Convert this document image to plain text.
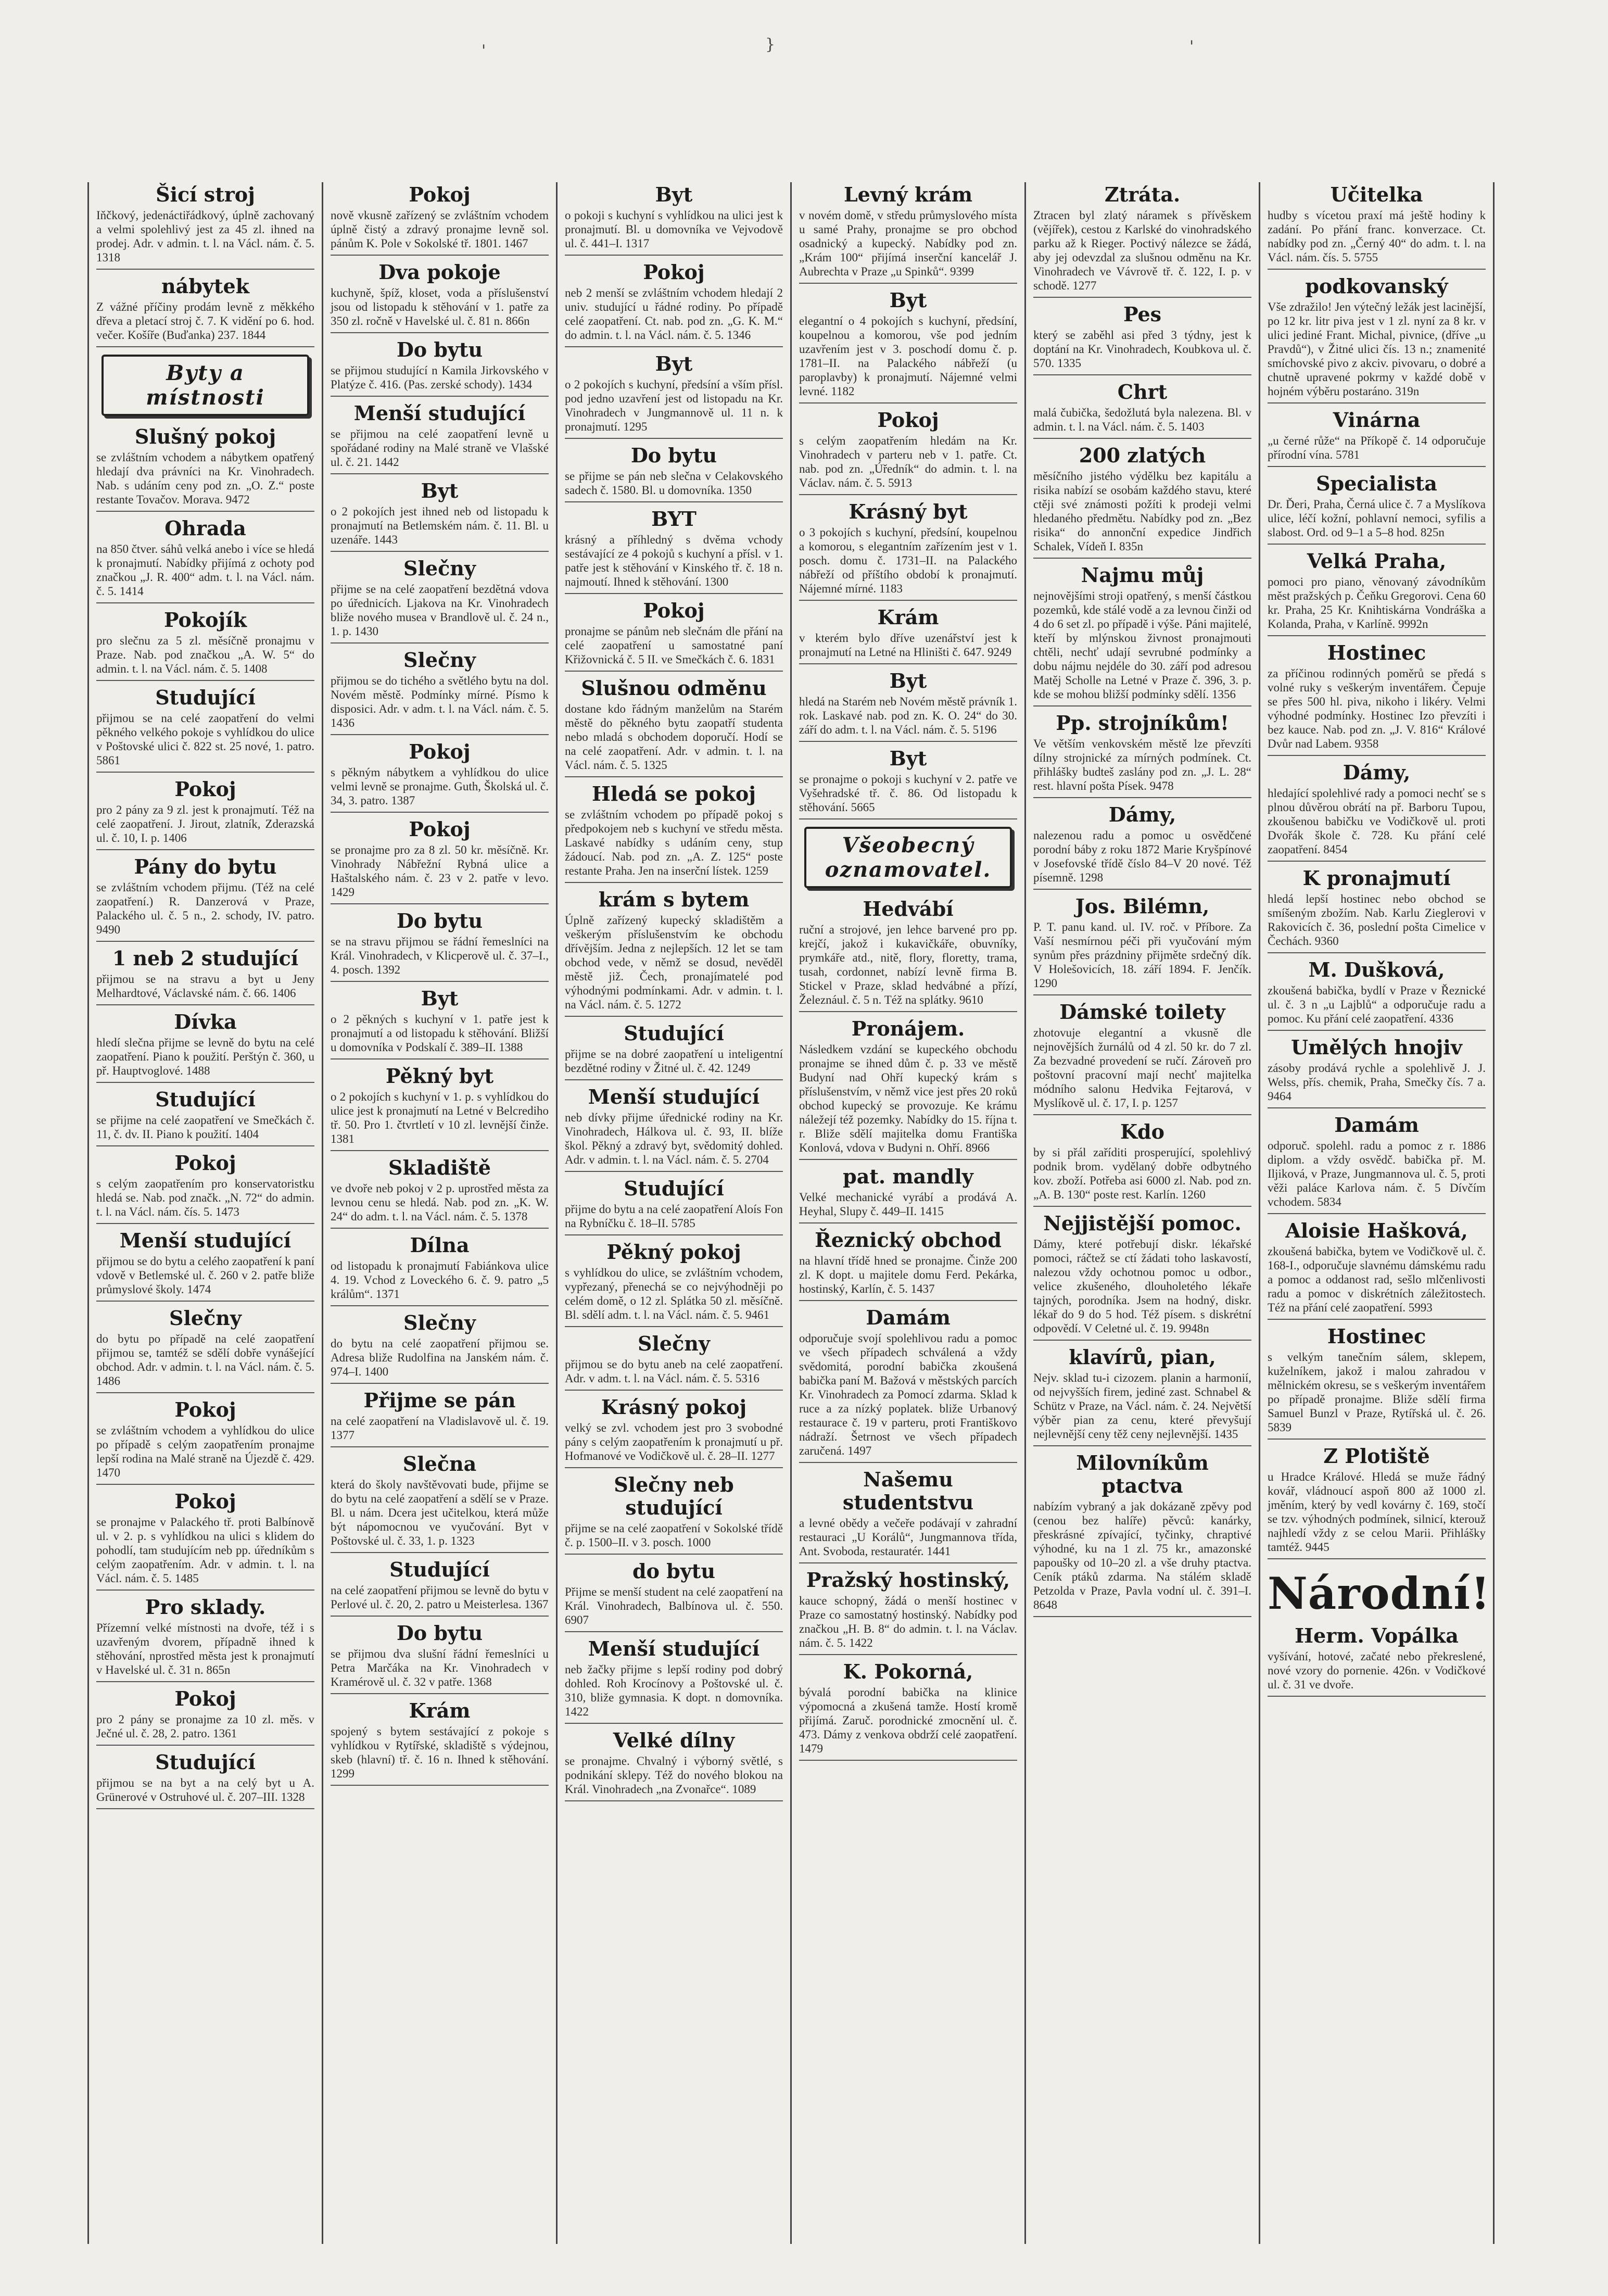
'	}	'
Šicí stroj

Iňčkový, jedenáctiřádkový, úplně zachovaný a velmi spolehlivý jest za 45 zl. ihned na prodej. Adr. v admin. t. l. na Václ. nám. č. 5. 1318

nábytek

Z vážné příčiny prodám levně z měkkého dřeva a pletací stroj č. 7. K vidění po 6. hod. večer. Košíře (Buďanka) 237. 1844

Byty a místnosti
Slušný pokoj

se zvláštním vchodem a nábytkem opatřený hledají dva právníci na Kr. Vinohradech. Nab. s udáním ceny pod zn. „O. Z.“ poste restante Tovačov. Morava. 9472

Ohrada

na 850 čtver. sáhů velká anebo i více se hledá k pronajmutí. Nabídky přijímá z ochoty pod značkou „J. R. 400“ adm. t. l. na Václ. nám. č. 5. 1414

Pokojík

pro slečnu za 5 zl. měsíčně pronajmu v Praze. Nab. pod značkou „A. W. 5“ do admin. t. l. na Václ. nám. č. 5. 1408

Studující

přijmou se na celé zaopatření do velmi pěkného velkého pokoje s vyhlídkou do ulice v Poštovské ulici č. 822 st. 25 nové, 1. patro. 5861

Pokoj

pro 2 pány za 9 zl. jest k pronajmutí. Též na celé zaopatření. J. Jirout, zlatník, Zderazská ul. č. 10, I. p. 1406

Pány do bytu

se zvláštním vchodem přijmu. (Též na celé zaopatření.) R. Danzerová v Praze, Palackého ul. č. 5 n., 2. schody, IV. patro. 9490

1 neb 2 studující

přijmou se na stravu a byt u Jeny Melhardtové, Václavské nám. č. 66. 1406

Dívka

hledí slečna přijme se levně do bytu na celé zaopatření. Piano k použití. Perštýn č. 360, u př. Hauptvoglové. 1488

Studující

se přijme na celé zaopatření ve Smečkách č. 11, č. dv. II. Piano k použití. 1404

Pokoj

s celým zaopatřením pro konservatoristku hledá se. Nab. pod značk. „N. 72“ do admin. t. l. na Václ. nám. čís. 5. 1473

Menší studující

přijmou se do bytu a celého zaopatření k paní vdově v Betlemské ul. č. 260 v 2. patře bliže průmyslové školy. 1474

Slečny

do bytu po případě na celé zaopatření přijmou se, tamtéž se sdělí dobře vynášející obchod. Adr. v admin. t. l. na Václ. nám. č. 5. 1486

Pokoj

se zvláštním vchodem a vyhlídkou do ulice po případě s celým zaopatřením pronajme lepší rodina na Malé straně na Újezdě č. 429. 1470

Pokoj

se pronajme v Palackého tř. proti Balbínově ul. v 2. p. s vyhlídkou na ulici s klidem do pohodlí, tam studujícím neb pp. úředníkům s celým zaopatřením. Adr. v admin. t. l. na Václ. nám. č. 5. 1485

Pro sklady.

Přízemní velké místnosti na dvoře, též i s uzavřeným dvorem, případně ihned k stěhování, nprostřed města jest k pronajmutí v Havelské ul. č. 31 n. 865n

Pokoj

pro 2 pány se pronajme za 10 zl. měs. v Ječné ul. č. 28, 2. patro. 1361

Studující

přijmou se na byt a na celý byt u A. Grünerové v Ostruhové ul. č. 207–III. 1328

Pokoj

nově vkusně zařízený se zvláštním vchodem úplně čistý a zdravý pronajme levně sol. pánům K. Pole v Sokolské tř. 1801. 1467

Dva pokoje

kuchyně, špíž, kloset, voda a příslušenství jsou od listopadu k stěhování v 1. patře za 350 zl. ročně v Havelské ul. č. 81 n. 866n

Do bytu

se přijmou studující n Kamila Jirkovského v Platýze č. 416. (Pas. zerské schody). 1434

Menší studující

se přijmou na celé zaopatření levně u spořádané rodiny na Malé straně ve Vlašské ul. č. 21. 1442

Byt

o 2 pokojích jest ihned neb od listopadu k pronajmutí na Betlemském nám. č. 11. Bl. u uzenáře. 1443

Slečny

přijme se na celé zaopatření bezdětná vdova po úřednicích. Ljakova na Kr. Vinohradech bliže nového musea v Brandlově ul. č. 24 n., 1. p. 1430

Slečny

přijmou se do tichého a světlého bytu na dol. Novém městě. Podmínky mírné. Písmo k disposici. Adr. v adm. t. l. na Václ. nám. č. 5. 1436

Pokoj

s pěkným nábytkem a vyhlídkou do ulice velmi levně se pronajme. Guth, Školská ul. č. 34, 3. patro. 1387

Pokoj

se pronajme pro za 8 zl. 50 kr. měsíčně. Kr. Vinohrady Nábřežní Rybná ulice a Haštalského nám. č. 23 v 2. patře v levo. 1429

Do bytu

se na stravu přijmou se řádní řemeslníci na Král. Vinohradech, v Klicperově ul. č. 37–I., 4. posch. 1392

Byt

o 2 pěkných s kuchyní v 1. patře jest k pronajmutí a od listopadu k stěhování. Bližší u domovníka v Podskalí č. 389–II. 1388

Pěkný byt

o 2 pokojích s kuchyní v 1. p. s vyhlídkou do ulice jest k pronajmutí na Letné v Belcrediho tř. 50. Pro 1. čtvrtletí v 10 zl. levnější činže. 1381

Skladiště

ve dvoře neb pokoj v 2 p. uprostřed města za levnou cenu se hledá. Nab. pod zn. „K. W. 24“ do adm. t. l. na Václ. nám. č. 5. 1378

Dílna

od listopadu k pronajmutí Fabiánkova ulice 4. 19. Vchod z Loveckého 6. č. 9. patro „5 králům“. 1371

Slečny

do bytu na celé zaopatření přijmou se. Adresa bliže Rudolfina na Janském nám. č. 974–I. 1400

Přijme se pán

na celé zaopatření na Vladislavově ul. č. 19. 1377

Slečna

která do školy navštěvovati bude, přijme se do bytu na celé zaopatření a sdělí se v Praze. Bl. u nám. Dcera jest učitelkou, která může být nápomocnou ve vyučování. Byt v Poštovské ul. č. 33, 1. p. 1323

Studující

na celé zaopatření přijmou se levně do bytu v Perlové ul. č. 20, 2. patro u Meisterlesa. 1367

Do bytu

se přijmou dva slušní řádní řemeslníci u Petra Marčáka na Kr. Vinohradech v Kramérově ul. č. 32 v patře. 1368

Krám

spojený s bytem sestávající z pokoje s vyhlídkou v Rytířské, skladiště s výdejnou, skeb (hlavní) tř. č. 16 n. Ihned k stěhování. 1299

Byt

o pokoji s kuchyní s vyhlídkou na ulici jest k pronajmutí. Bl. u domovníka ve Vejvodově ul. č. 441–I. 1317

Pokoj

neb 2 menší se zvláštním vchodem hledají 2 univ. studující u řádné rodiny. Po případě celé zaopatření. Ct. nab. pod zn. „G. K. M.“ do admin. t. l. na Václ. nám. č. 5. 1346

Byt

o 2 pokojích s kuchyní, předsíní a vším přísl. pod jedno uzavření jest od listopadu na Kr. Vinohradech v Jungmannově ul. 11 n. k pronajmutí. 1295

Do bytu

se přijme se pán neb slečna v Celakovského sadech č. 1580. Bl. u domovníka. 1350

BYT

krásný a příhledný s dvěma vchody sestávající ze 4 pokojů s kuchyní a přísl. v 1. patře jest k stěhování v Kinského tř. č. 18 n. najmoutí. Ihned k stěhování. 1300

Pokoj

pronajme se pánům neb slečnám dle přání na celé zaopatření u samostatné paní Křižovnická č. 5 II. ve Smečkách č. 6. 1831

Slušnou odměnu

dostane kdo řádným manželům na Starém městě do pěkného bytu zaopatří studenta nebo mladá s obchodem doporučí. Hodí se na celé zaopatření. Adr. v admin. t. l. na Václ. nám. č. 5. 1325

Hledá se pokoj

se zvláštním vchodem po případě pokoj s předpokojem neb s kuchyní ve středu města. Laskavé nabídky s udáním ceny, stup žádoucí. Nab. pod zn. „A. Z. 125“ poste restante Praha. Jen na inserční lístek. 1259

krám s bytem

Úplně zařízený kupecký skladištěm a veškerým příslušenstvím ke obchodu dřívějším. Jedna z nejlepších. 12 let se tam obchod vede, v němž se dosud, nevěděl městě již. Čech, pronajímatelé pod výhodnými podmínkami. Adr. v admin. t. l. na Václ. nám. č. 5. 1272

Studující

přijme se na dobré zaopatření u inteligentní bezdětné rodiny v Žitné ul. č. 42. 1249

Menší studující

neb dívky přijme úřednické rodiny na Kr. Vinohradech, Hálkova ul. č. 93, II. blíže škol. Pěkný a zdravý byt, svědomitý dohled. Adr. v admin. t. l. na Václ. nám. č. 5. 2704

Studující

přijme do bytu a na celé zaopatření Aloís Fon na Rybníčku č. 18–II. 5785

Pěkný pokoj

s vyhlídkou do ulice, se zvláštním vchodem, vypřezaný, přenechá se co nejvýhodněji po celém domě, o 12 zl. Splátka 50 zl. měsíčně. Bl. sdělí adm. t. l. na Václ. nám. č. 5. 9461

Slečny

přijmou se do bytu aneb na celé zaopatření. Adr. v adm. t. l. na Václ. nám. č. 5. 5316

Krásný pokoj

velký se zvl. vchodem jest pro 3 svobodné pány s celým zaopatřením k pronajmutí u př. Hofmanové ve Vodičkově ul. č. 28–II. 1277

Slečny neb studující

přijme se na celé zaopatření v Sokolské třídě č. p. 1500–II. v 3. posch. 1000

do bytu

Přijme se menší student na celé zaopatření na Král. Vinohradech, Balbínova ul. č. 550. 6907

Menší studující

neb žačky přijme s lepší rodiny pod dobrý dohled. Roh Krocínovy a Poštovské ul. č. 310, bliže gymnasia. K dopt. n domovníka. 1422

Velké dílny

se pronajme. Chvalný i výborný světlé, s podnikání sklepy. Též do nového blokou na Král. Vinohradech „na Zvonařce“. 1089

Levný krám

v novém domě, v středu průmyslového místa u samé Prahy, pronajme se pro obchod osadnický a kupecký. Nabídky pod zn. „Krám 100“ přijímá inserční kancelář J. Aubrechta v Praze „u Spinků“. 9399

Byt

elegantní o 4 pokojích s kuchyní, předsíní, koupelnou a komorou, vše pod jedním uzavřením jest v 3. poschodí domu č. p. 1781–II. na Palackého nábřeží (u paroplavby) k pronajmutí. Nájemné velmi levné. 1182

Pokoj

s celým zaopatřením hledám na Kr. Vinohradech v parteru neb v 1. patře. Ct. nab. pod zn. „Úředník“ do admin. t. l. na Václav. nám. č. 5. 5913

Krásný byt

o 3 pokojích s kuchyní, předsíní, koupelnou a komorou, s elegantním zařízením jest v 1. posch. domu č. 1731–II. na Palackého nábřeží od příštího období k pronajmutí. Nájemné mírné. 1183

Krám

v kterém bylo dříve uzenářství jest k pronajmutí na Letné na Hliništi č. 647. 9249

Byt

hledá na Starém neb Novém městě právník 1. rok. Laskavé nab. pod zn. K. O. 24“ do 30. září do adm. t. l. na Václ. nám. č. 5. 5196

Byt

se pronajme o pokoji s kuchyní v 2. patře ve Vyšehradské tř. č. 86. Od listopadu k stěhování. 5665

Všeobecný oznamovatel.
Hedvábí

ruční a strojové, jen lehce barvené pro pp. krejčí, jakož i kukavičkáře, obuvníky, prymkáře atd., nitě, flory, floretty, trama, tusah, cordonnet, nabízí levně firma B. Stickel v Praze, sklad hedvábné a přízí, Železnául. č. 5 n. Též na splátky. 9610

Pronájem.

Následkem vzdání se kupeckého obchodu pronajme se ihned dům č. p. 33 ve městě Budyní nad Ohří kupecký krám s příslušenstvím, v němž vice jest přes 20 roků obchod kupecký se provozuje. Ke krámu náležejí též pozemky. Nabídky do 15. října t. r. Bliže sdělí majitelka domu Františka Konlová, vdova v Budyni n. Ohří. 8966

pat. mandly

Velké mechanické vyrábí a prodává A. Heyhal, Slupy č. 449–II. 1415

Řeznický obchod

na hlavní třídě hned se pronajme. Činže 200 zl. K dopt. u majitele domu Ferd. Pekárka, hostinský, Karlín, č. 5. 1437

Damám

odporučuje svojí spolehlivou radu a pomoc ve všech případech schválená a vždy svědomitá, porodní babička zkoušená babička paní M. Bažová v městských parcích Kr. Vinohradech za Pomocí zdarma. Sklad k ruce a za nízký poplatek. bliže Urbanový restaurace č. 19 v parteru, proti Františkovo nádraží. Šetrnost ve všech případech zaručená. 1497

Našemu studentstvu

a levné obědy a večeře podávají v zahradní restauraci „U Korálů“, Jungmannova třída, Ant. Svoboda, restauratér. 1441

Pražský hostinský,

kauce schopný, žádá o menší hostinec v Praze co samostatný hostinský. Nabídky pod značkou „H. B. 8“ do admin. t. l. na Václav. nám. č. 5. 1422

K. Pokorná,

bývalá porodní babička na klinice výpomocná a zkušená tamže. Hostí kromě přijímá. Zaruč. porodnické zmocnění ul. č. 473. Dámy z venkova obdrží celé zaopatření. 1479

Ztráta.

Ztracen byl zlatý náramek s přívěskem (vějířek), cestou z Karlské do vinohradského parku až k Rieger. Poctivý nálezce se žádá, aby jej odevzdal za slušnou odměnu na Kr. Vinohradech ve Vávrově tř. č. 122, I. p. v schodě. 1277

Pes

který se zaběhl asi před 3 týdny, jest k doptání na Kr. Vinohradech, Koubkova ul. č. 570. 1335

Chrt

malá čubička, šedožlutá byla nalezena. Bl. v admin. t. l. na Václ. nám. č. 5. 1403

200 zlatých

měsíčního jistého výdělku bez kapitálu a risika nabízí se osobám každého stavu, které ctěji své známosti požíti k prodeji velmi hledaného předmětu. Nabídky pod zn. „Bez risika“ do annonční expedice Jindřich Schalek, Vídeň I. 835n

Najmu můj

nejnovějšími stroji opatřený, s menší částkou pozemků, kde stálé vodě a za levnou činži od 4 do 6 set zl. po případě i výše. Páni majitelé, kteří by mlýnskou živnost pronajmouti chtěli, nechť udají sevrubné podmínky a dobu nájmu nejdéle do 30. září pod adresou Matěj Scholle na Letné v Praze č. 396, 3. p. kde se mohou bližší podmínky sdělí. 1356

Pp. strojníkům!

Ve větším venkovském městě lze převzíti dílny strojnické za mírných podmínek. Ct. přihlášky budteš zaslány pod zn. „J. L. 28“ rest. hlavní pošta Písek. 9478

Dámy,

nalezenou radu a pomoc u osvědčené porodní báby z roku 1872 Marie Kryšpínové v Josefovské třídě číslo 84–V 20 nové. Též písemně. 1298

Jos. Bilémn,

P. T. panu kand. ul. IV. roč. v Příbore. Za Vaší nesmírnou péči při vyučování mým synům přes prázdniny přijměte srdečný dík. V Holešovicích, 18. září 1894. F. Jenčík. 1290

Dámské toilety

zhotovuje elegantní a vkusně dle nejnovějších žurnálů od 4 zl. 50 kr. do 7 zl. Za bezvadné provedení se ručí. Zároveň pro poštovní pracovní mají nechť majitelka módního salonu Hedvika Fejtarová, v Myslíkově ul. č. 17, I. p. 1257

Kdo

by si přál zaříditi prosperující, spolehlivý podnik brom. vydělaný dobře odbytného kov. zboží. Potřeba asi 6000 zl. Nab. pod zn. „A. B. 130“ poste rest. Karlín. 1260

Nejjistější pomoc.

Dámy, které potřebují diskr. lékařské pomoci, ráčtež se ctí žádati toho laskavostí, nalezou vždy ochotnou pomoc u odbor., velice zkušeného, dlouholetého lékaře tajných, porodníka. Jsem na hodný, diskr. lékař do 9 do 5 hod. Též písem. s diskrétní odpovědí. V Celetné ul. č. 19. 9948n

klavírů, pian,

Nejv. sklad tu-i cizozem. planin a harmonií, od nejvyšších firem, jediné zast. Schnabel & Schütz v Praze, na Václ. nám. č. 24. Největší výběr pian za cenu, které převyšují nejlevnější ceny těž ceny nejlevnější. 1435

Milovníkům ptactva

nabízím vybraný a jak dokázaně zpěvy pod (cenou bez halíře) pěvců: kanárky, přeskrásné zpívající, tyčinky, chraptivé výhodné, ku na 1 zl. 75 kr., amazonské papoušky od 10–20 zl. a vše druhy ptactva. Ceník ptáků zdarma. Na stálém skladě Petzolda v Praze, Pavla vodní ul. č. 391–I. 8648

Učitelka

hudby s vícetou praxí má ještě hodiny k zadání. Po přání franc. konverzace. Ct. nabídky pod zn. „Černý 40“ do adm. t. l. na Václ. nám. čís. 5. 5755

podkovanský

Vše zdražilo! Jen výtečný ležák jest lacinější, po 12 kr. litr piva jest v 1 zl. nyní za 8 kr. v ulici jediné Frant. Michal, pivnice, (dříve „u Pravdů“), v Žitné ulici čís. 13 n.; znamenité smíchovské pivo z akciv. pivovaru, o dobré a chutně upravené pokrmy v každé době v hojném výběru postaráno. 319n

Vinárna

„u černé růže“ na Příkopě č. 14 odporučuje přírodní vína. 5781

Specialista

Dr. Ďeri, Praha, Černá ulice č. 7 a Myslíkova ulice, léčí kožní, pohlavní nemoci, syfilis a slabost. Ord. od 9–1 a 5–8 hod. 825n

Velká Praha,

pomoci pro piano, věnovaný závodníkům měst pražských p. Čeňku Gregorovi. Cena 60 kr. Praha, 25 Kr. Knihtiskárna Vondráška a Kolanda, Praha, v Karlíně. 9992n

Hostinec

za příčinou rodinných poměrů se předá s volné ruky s veškerým inventářem. Čepuje se přes 500 hl. piva, nikoho i likéry. Velmi výhodné podmínky. Hostinec Izo převzíti i bez kauce. Nab. pod zn. „J. V. 816“ Králové Dvůr nad Labem. 9358

Dámy,

hledající spolehlivé rady a pomoci nechť se s plnou důvěrou obrátí na př. Barboru Tupou, zkoušenou babičku ve Vodičkově ul. proti Dvořák škole č. 728. Ku přání celé zaopatření. 8454

K pronajmutí

hledá lepší hostinec nebo obchod se smíšeným zbožím. Nab. Karlu Zieglerovi v Rakovicích č. 36, poslední pošta Cimelice v Čechách. 9360

M. Dušková,

zkoušená babička, bydlí v Praze v Řeznické ul. č. 3 n „u Lajblů“ a odporučuje radu a pomoc. Ku přání celé zaopatření. 4336

Umělých hnojiv

zásoby prodává rychle a spolehlivě J. J. Welss, přís. chemik, Praha, Smečky čís. 7 a. 9464

Damám

odporuč. spolehl. radu a pomoc z r. 1886 diplom. a vždy osvědč. babička př. M. Iljiková, v Praze, Jungmannova ul. č. 5, proti věži paláce Karlova nám. č. 5 Dívčím vchodem. 5834

Aloisie Hašková,

zkoušená babička, bytem ve Vodičkově ul. č. 168-I., odporučuje slavnému dámskému radu a pomoc a oddanost rad, sešlo mlčenlivosti radu a pomoc v diskrétních záležitostech. Též na přání celé zaopatření. 5993

Hostinec

s velkým tanečním sálem, sklepem, kuželníkem, jakož i malou zahradou v mělnickém okresu, se s veškerým inventářem po případě pronajme. Bliže sdělí firma Samuel Bunzl v Praze, Rytířská ul. č. 26. 5839

Z Plotiště

u Hradce Králové. Hledá se muže řádný kovář, vládnoucí aspoň 800 až 1000 zl. jměním, který by vedl kovárny č. 169, stočí se tzv. výhodných podmínek, silnicí, kterouž najhledí vždy z se celou Marii. Přihlášky tamtéž. 9445

Národní!
Herm. Vopálka

vyšívání, hotové, začaté nebo překreslené, nové vzory do pornenie. 426n. v Vodičkové ul. č. 31 ve dvoře.
